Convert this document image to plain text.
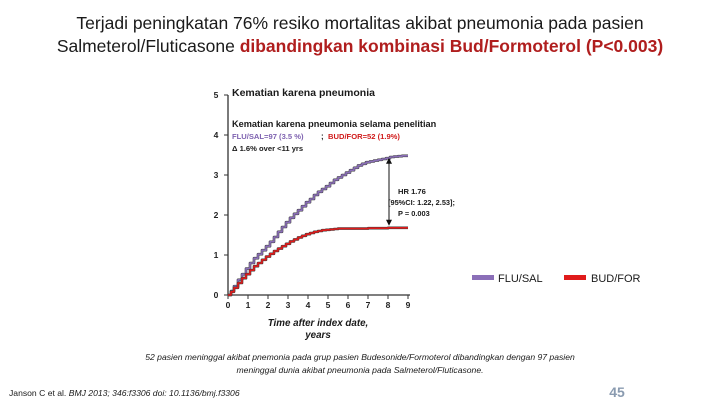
Terjadi peningkatan 76% resiko mortalitas akibat pneumonia pada pasien
Salmeterol/Fluticasone dibandingkan kombinasi Bud/Formoterol (P<0.003)
0 1 2 3 4 5 6 7 8 9
0
1
2
3
4
5 Kematian karena pneumonia
Kematian karena pneumonia selama penelitian
FLU/SAL=97 (3.5 %) ; BUD/FOR=52 (1.9%)
Δ 1.6% over <11 yrs
HR 1.76
[95%CI: 1.22, 2.53];
P = 0.003
Time after index date,
years
FLU/SAL	BUD/FOR
52 pasien meninggal akibat pnemonia pada grup pasien Budesonide/Formoterol dibandingkan dengan 97 pasien
meninggal dunia akibat pneumonia pada Salmeterol/Fluticasone.
Janson C et al. BMJ 2013; 346:f3306 doi: 10.1136/bmj.f3306	45
